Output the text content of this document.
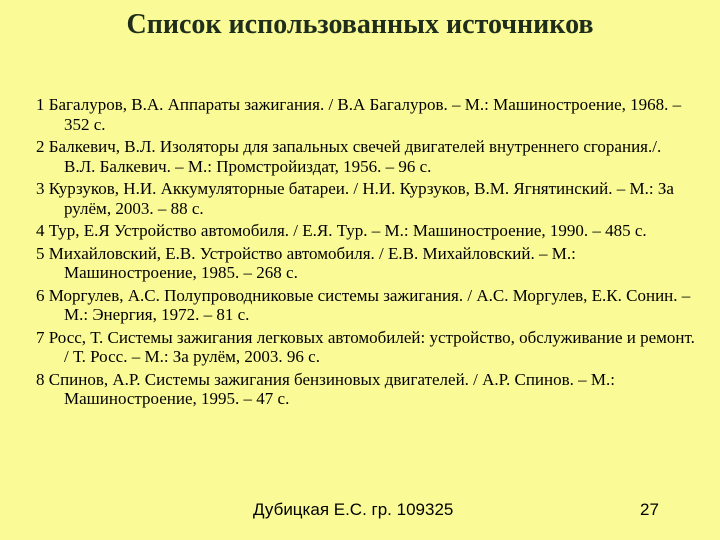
Список использованных источников
1 Багалуров, В.А. Аппараты зажигания. / В.А Багалуров. – М.: Машиностроение, 1968. – 352 с.
2 Балкевич, В.Л. Изоляторы для запальных свечей двигателей внутреннего сгорания./. В.Л. Балкевич. – М.: Промстройиздат, 1956. – 96 с.
3 Курзуков, Н.И. Аккумуляторные батареи. / Н.И. Курзуков, В.М. Ягнятинский. – М.: За рулём, 2003. – 88 с.
4 Тур, Е.Я Устройство автомобиля. / Е.Я. Тур. – М.: Машиностроение, 1990. – 485 с.
5 Михайловский, Е.В. Устройство автомобиля. / Е.В. Михайловский. – М.: Машиностроение, 1985. – 268 с.
6 Моргулев, А.С. Полупроводниковые системы зажигания. / А.С. Моргулев, Е.К. Сонин. – М.: Энергия, 1972. – 81 с.
7 Росс, Т. Системы зажигания легковых автомобилей: устройство, обслуживание и ремонт. / Т. Росс. – М.: За рулём, 2003. 96 с.
8 Спинов, А.Р. Системы зажигания бензиновых двигателей. / А.Р. Спинов. – М.: Машиностроение, 1995. – 47 с.
Дубицкая Е.С. гр. 109325	27
